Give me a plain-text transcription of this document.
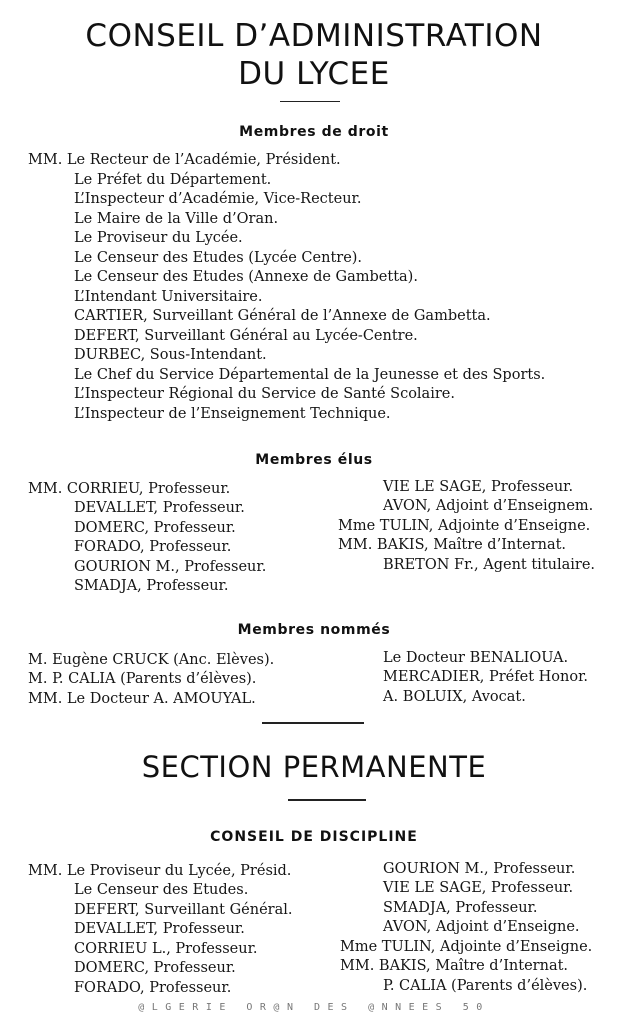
CONSEIL D’ADMINISTRATION
DU LYCEE
Membres de droit
MM. Le Recteur de l’Académie, Président.
Le Préfet du Département.
L’Inspecteur d’Académie, Vice-Recteur.
Le Maire de la Ville d’Oran.
Le Proviseur du Lycée.
Le Censeur des Etudes (Lycée Centre).
Le Censeur des Etudes (Annexe de Gambetta).
L’Intendant Universitaire.
CARTIER, Surveillant Général de l’Annexe de Gambetta.
DEFERT, Surveillant Général au Lycée-Centre.
DURBEC, Sous-Intendant.
Le Chef du Service Départemental de la Jeunesse et des Sports.
L’Inspecteur Régional du Service de Santé Scolaire.
L’Inspecteur de l’Enseignement Technique.
Membres élus
MM. CORRIEU, Professeur.
DEVALLET, Professeur.
DOMERC, Professeur.
FORADO, Professeur.
GOURION M., Professeur.
SMADJA, Professeur.
VIE LE SAGE, Professeur.
AVON, Adjoint d’Enseignem.
Mme TULIN, Adjointe d’Enseigne.
MM. BAKIS, Maître d’Internat.
BRETON Fr., Agent titulaire.
Membres nommés
M. Eugène CRUCK (Anc. Elèves).
M. P. CALIA (Parents d’élèves).
MM. Le Docteur A. AMOUYAL.
Le Docteur BENALIOUA.
MERCADIER, Préfet Honor.
A. BOLUIX, Avocat.
SECTION PERMANENTE
CONSEIL DE DISCIPLINE
MM. Le Proviseur du Lycée, Présid.
Le Censeur des Etudes.
DEFERT, Surveillant Général.
DEVALLET, Professeur.
CORRIEU L., Professeur.
DOMERC, Professeur.
FORADO, Professeur.
GOURION M., Professeur.
VIE LE SAGE, Professeur.
SMADJA, Professeur.
AVON, Adjoint d’Enseigne.
Mme TULIN, Adjointe d’Enseigne.
MM. BAKIS, Maître d’Internat.
P. CALIA (Parents d’élèves).
@LGERIE OR@N DES @NNEES 50
